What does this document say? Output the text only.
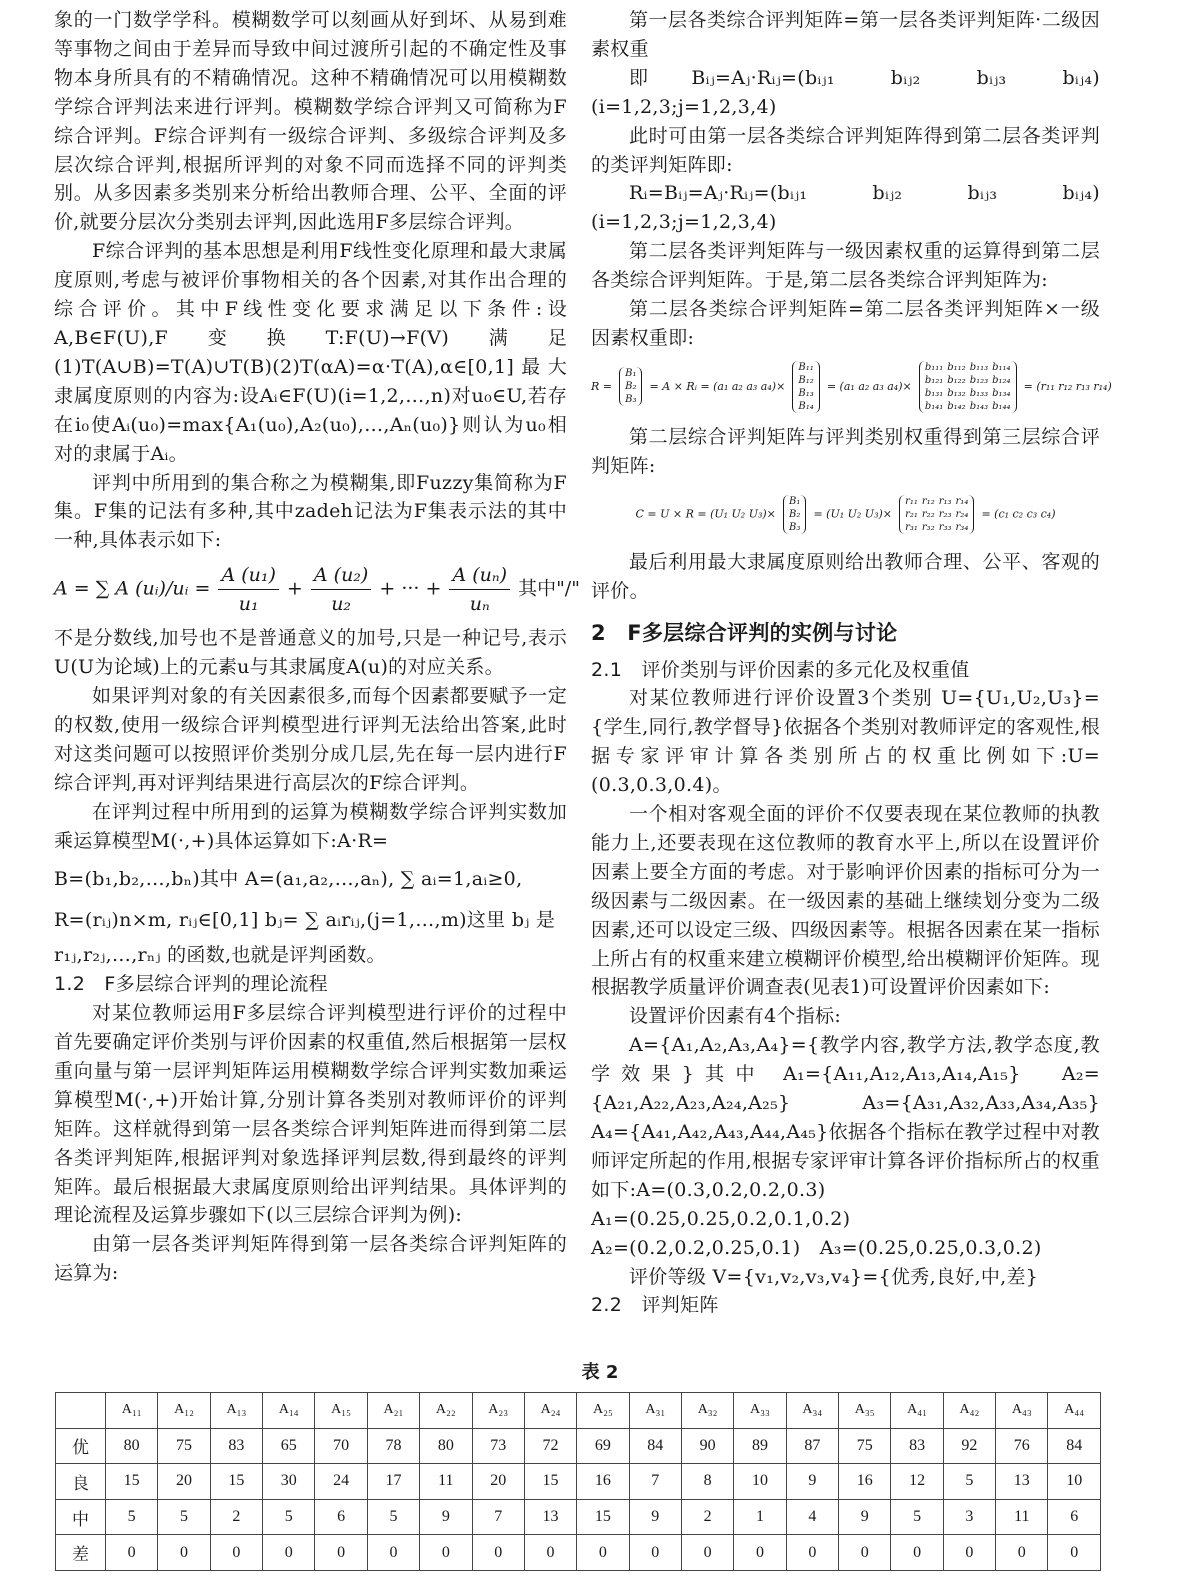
象的一门数学学科。模糊数学可以刻画从好到坏、从易到难等事物之间由于差异而导致中间过渡所引起的不确定性及事物本身所具有的不精确情况。这种不精确情况可以用模糊数学综合评判法来进行评判。模糊数学综合评判又可简称为F综合评判。F综合评判有一级综合评判、多级综合评判及多层次综合评判,根据所评判的对象不同而选择不同的评判类别。从多因素多类别来分析给出教师合理、公平、全面的评价,就要分层次分类别去评判,因此选用F多层综合评判。

F综合评判的基本思想是利用F线性变化原理和最大隶属度原则,考虑与被评价事物相关的各个因素,对其作出合理的综合评价。其中F线性变化要求满足以下条件:设A,B∈F(U),F变换T:F(U)→F(V)满足(1)T(A∪B)=T(A)∪T(B)(2)T(αA)=α·T(A),α∈[0,1]最大隶属度原则的内容为:设Aᵢ∈F(U)(i=1,2,…,n)对u₀∈U,若存在i₀使Aᵢ(u₀)=max{A₁(u₀),A₂(u₀),…,Aₙ(u₀)}则认为u₀相对的隶属于Aᵢ。

评判中所用到的集合称之为模糊集,即Fuzzy集简称为F集。F集的记法有多种,其中zadeh记法为F集表示法的其中一种,具体表示如下:

A = ∑ A (uᵢ)/uᵢ = $\frac{\text{A (u₁)}}{\text{u₁}} + \frac{\text{A (u₂)}}{\text{u₂}}$ + ··· + $\frac{\text{A (uₙ)}}{\text{uₙ}}$ 其中"/"

不是分数线,加号也不是普通意义的加号,只是一种记号,表示U(U为论域)上的元素u与其隶属度A(u)的对应关系。

如果评判对象的有关因素很多,而每个因素都要赋予一定的权数,使用一级综合评判模型进行评判无法给出答案,此时对这类问题可以按照评价类别分成几层,先在每一层内进行F综合评判,再对评判结果进行高层次的F综合评判。

在评判过程中所用到的运算为模糊数学综合评判实数加乘运算模型M(·,+)具体运算如下:A·R=

B=(b₁,b₂,…,bₙ)其中 A=(a₁,a₂,…,aₙ), ∑ aᵢ=1,aᵢ≥0,

R=(rᵢⱼ)n×m, rᵢⱼ∈[0,1] bⱼ= ∑ aᵢrᵢⱼ,(j=1,…,m)这里 bⱼ 是

r₁ⱼ,r₂ⱼ,…,rₙⱼ 的函数,也就是评判函数。

1.2　F多层综合评判的理论流程

对某位教师运用F多层综合评判模型进行评价的过程中首先要确定评价类别与评价因素的权重值,然后根据第一层权重向量与第一层评判矩阵运用模糊数学综合评判实数加乘运算模型M(·,+)开始计算,分别计算各类别对教师评价的评判矩阵。这样就得到第一层各类综合评判矩阵进而得到第二层各类评判矩阵,根据评判对象选择评判层数,得到最终的评判矩阵。最后根据最大隶属度原则给出评判结果。具体评判的理论流程及运算步骤如下(以三层综合评判为例):

由第一层各类评判矩阵得到第一层各类综合评判矩阵的运算为:

第一层各类综合评判矩阵=第一层各类评判矩阵·二级因素权重

即 Bᵢⱼ=Aⱼ·Rᵢⱼ=(bᵢⱼ₁　bᵢⱼ₂　bᵢⱼ₃　bᵢⱼ₄)(i=1,2,3;j=1,2,3,4)

此时可由第一层各类综合评判矩阵得到第二层各类评判的类评判矩阵即:

Rᵢ=Bᵢⱼ=Aⱼ·Rᵢⱼ=(bᵢⱼ₁　bᵢⱼ₂　bᵢⱼ₃　bᵢⱼ₄)(i=1,2,3;j=1,2,3,4)

第二层各类评判矩阵与一级因素权重的运算得到第二层各类综合评判矩阵。于是,第二层各类综合评判矩阵为:

第二层各类综合评判矩阵=第二层各类评判矩阵×一级因素权重即:

R =
B₁
B₂
B₃
= A × Rᵢ = (a₁ a₂ a₃ a₄)×
B₁₁
B₁₂
B₁₃
B₁₄
= (a₁ a₂ a₃ a₄)×
b₁₁₁	b₁₁₂	b₁₁₃	b₁₁₄
b₁₂₁	b₁₂₂	b₁₂₃	b₁₂₄
b₁₃₁	b₁₃₂	b₁₃₃	b₁₃₄
b₁₄₁	b₁₄₂	b₁₄₃	b₁₄₄
= (r₁₁ r₁₂ r₁₃ r₁₄)

第二层综合评判矩阵与评判类别权重得到第三层综合评判矩阵:

C = U × R = (U₁ U₂ U₃)×
B₁
B₂
B₃
= (U₁ U₂ U₃)×
r₁₁	r₁₂	r₁₃	r₁₄
r₂₁	r₂₂	r₂₃	r₂₄
r₃₁	r₃₂	r₃₃	r₃₄
= (c₁ c₂ c₃ c₄)

最后利用最大隶属度原则给出教师合理、公平、客观的评价。

2　F多层综合评判的实例与讨论

2.1　评价类别与评价因素的多元化及权重值

对某位教师进行评价设置3个类别 U={U₁,U₂,U₃}={学生,同行,教学督导}依据各个类别对教师评定的客观性,根据专家评审计算各类别所占的权重比例如下:U=(0.3,0.3,0.4)。

一个相对客观全面的评价不仅要表现在某位教师的执教能力上,还要表现在这位教师的教育水平上,所以在设置评价因素上要全方面的考虑。对于影响评价因素的指标可分为一级因素与二级因素。在一级因素的基础上继续划分变为二级因素,还可以设定三级、四级因素等。根据各因素在某一指标上所占有的权重来建立模糊评价模型,给出模糊评价矩阵。现根据教学质量评价调查表(见表1)可设置评价因素如下:

设置评价因素有4个指标:

A={A₁,A₂,A₃,A₄}={教学内容,教学方法,教学态度,教学效果}其中 A₁={A₁₁,A₁₂,A₁₃,A₁₄,A₁₅}　A₂={A₂₁,A₂₂,A₂₃,A₂₄,A₂₅}　A₃={A₃₁,A₃₂,A₃₃,A₃₄,A₃₅}　A₄={A₄₁,A₄₂,A₄₃,A₄₄,A₄₅}依据各个指标在教学过程中对教师评定所起的作用,根据专家评审计算各评价指标所占的权重如下:A=(0.3,0.2,0.2,0.3)

A₁=(0.25,0.25,0.2,0.1,0.2)

A₂=(0.2,0.2,0.25,0.1)　A₃=(0.25,0.25,0.3,0.2)

评价等级 V={v₁,v₂,v₃,v₄}={优秀,良好,中,差}

2.2　评判矩阵

表 2
	A₁₁	A₁₂	A₁₃	A₁₄	A₁₅	A₂₁	A₂₂	A₂₃	A₂₄	A₂₅	A₃₁	A₃₂	A₃₃	A₃₄	A₃₅	A₄₁	A₄₂	A₄₃	A₄₄
优	80	75	83	65	70	78	80	73	72	69	84	90	89	87	75	83	92	76	84
良	15	20	15	30	24	17	11	20	15	16	7	8	10	9	16	12	5	13	10
中	5	5	2	5	6	5	9	7	13	15	9	2	1	4	9	5	3	11	6
差	0	0	0	0	0	0	0	0	0	0	0	0	0	0	0	0	0	0	0
